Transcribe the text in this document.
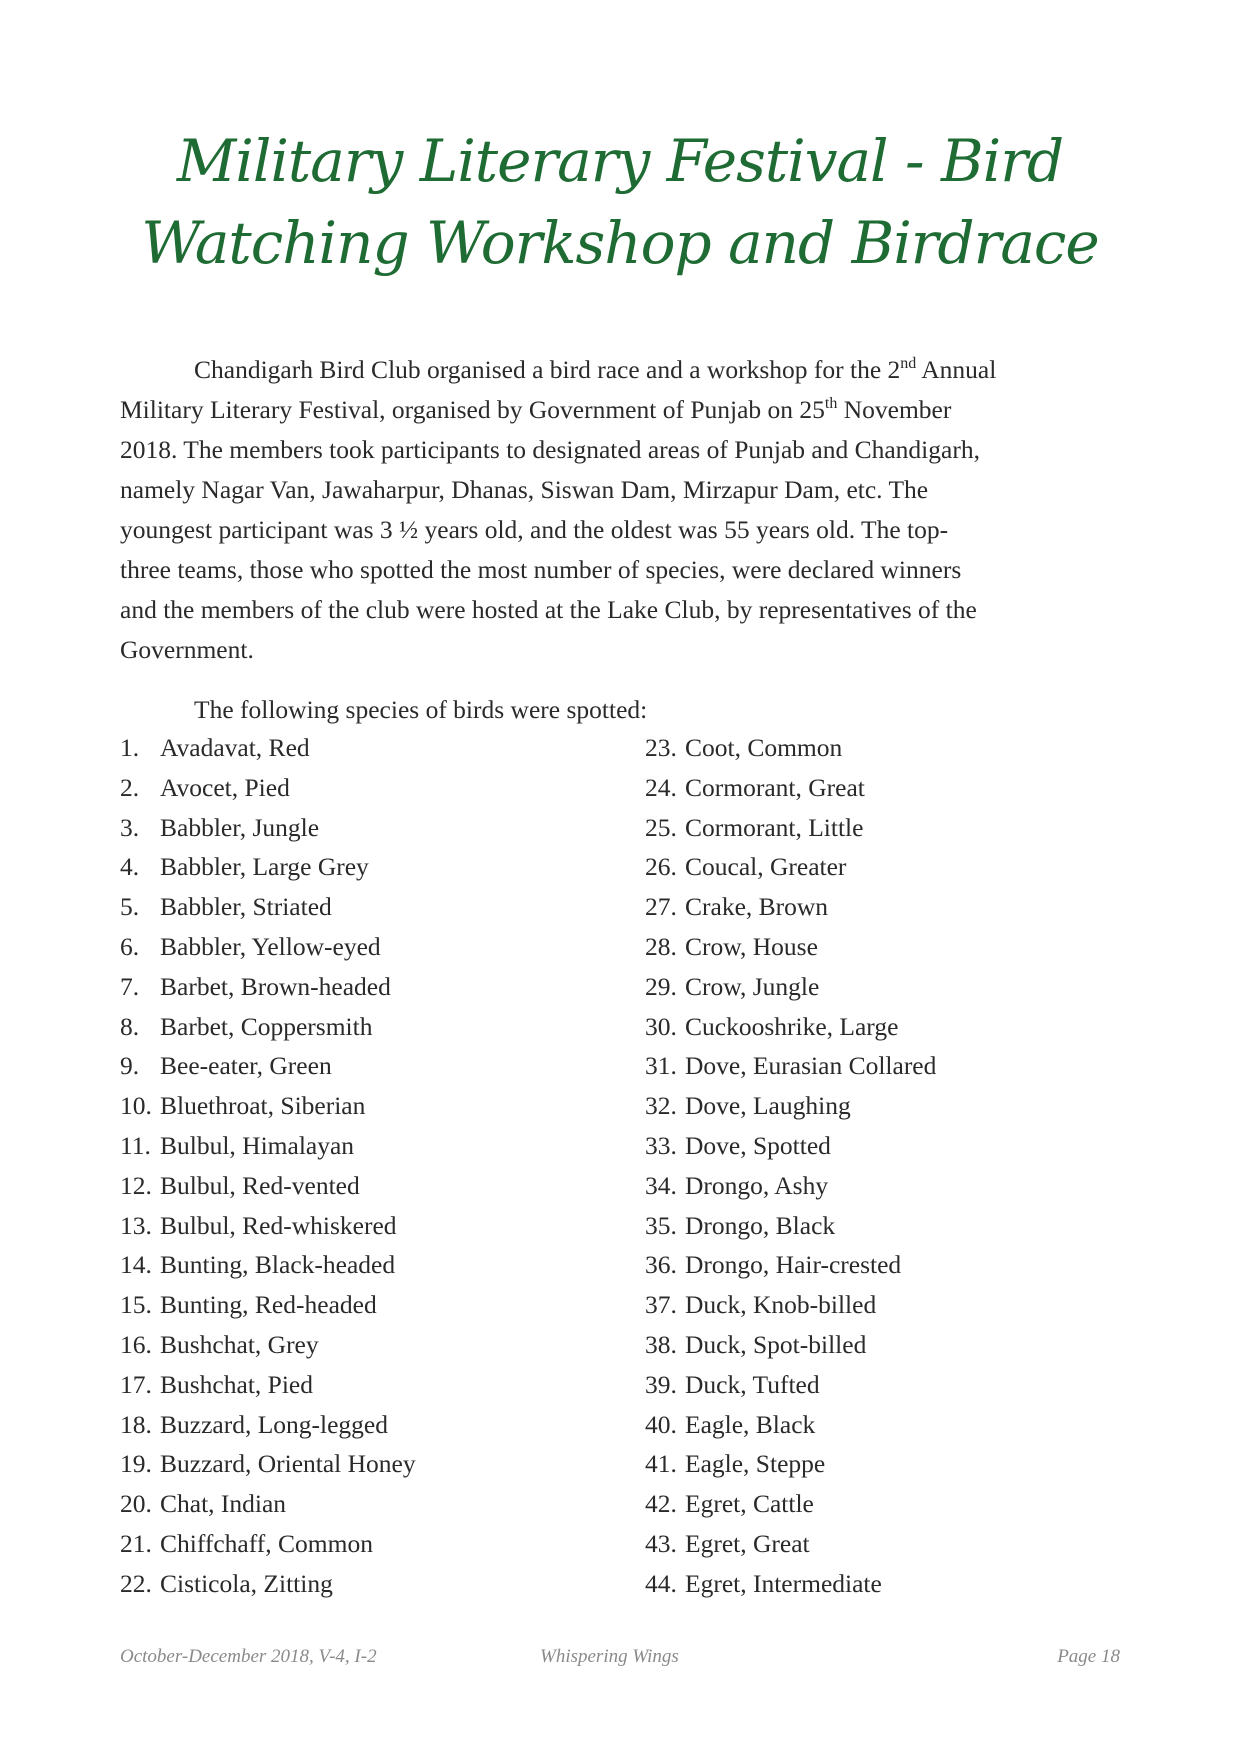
Military Literary Festival - Bird
Watching Workshop and Birdrace
Chandigarh Bird Club organised a bird race and a workshop for the 2nd Annual
Military Literary Festival, organised by Government of Punjab on 25th November
2018. The members took participants to designated areas of Punjab and Chandigarh,
namely Nagar Van, Jawaharpur, Dhanas, Siswan Dam, Mirzapur Dam, etc. The
youngest participant was 3 ½ years old, and the oldest was 55 years old. The top-
three teams, those who spotted the most number of species, were declared winners
and the members of the club were hosted at the Lake Club, by representatives of the
Government.
The following species of birds were spotted:
1. Avadavat, Red
2. Avocet, Pied
3. Babbler, Jungle
4. Babbler, Large Grey
5. Babbler, Striated
6. Babbler, Yellow-eyed
7. Barbet, Brown-headed
8. Barbet, Coppersmith
9. Bee-eater, Green
10. Bluethroat, Siberian
11. Bulbul, Himalayan
12. Bulbul, Red-vented
13. Bulbul, Red-whiskered
14. Bunting, Black-headed
15. Bunting, Red-headed
16. Bushchat, Grey
17. Bushchat, Pied
18. Buzzard, Long-legged
19. Buzzard, Oriental Honey
20. Chat, Indian
21. Chiffchaff, Common
22. Cisticola, Zitting
23. Coot, Common
24. Cormorant, Great
25. Cormorant, Little
26. Coucal, Greater
27. Crake, Brown
28. Crow, House
29. Crow, Jungle
30. Cuckooshrike, Large
31. Dove, Eurasian Collared
32. Dove, Laughing
33. Dove, Spotted
34. Drongo, Ashy
35. Drongo, Black
36. Drongo, Hair-crested
37. Duck, Knob-billed
38. Duck, Spot-billed
39. Duck, Tufted
40. Eagle, Black
41. Eagle, Steppe
42. Egret, Cattle
43. Egret, Great
44. Egret, Intermediate
October-December 2018, V-4, I-2	Whispering Wings	Page 18
